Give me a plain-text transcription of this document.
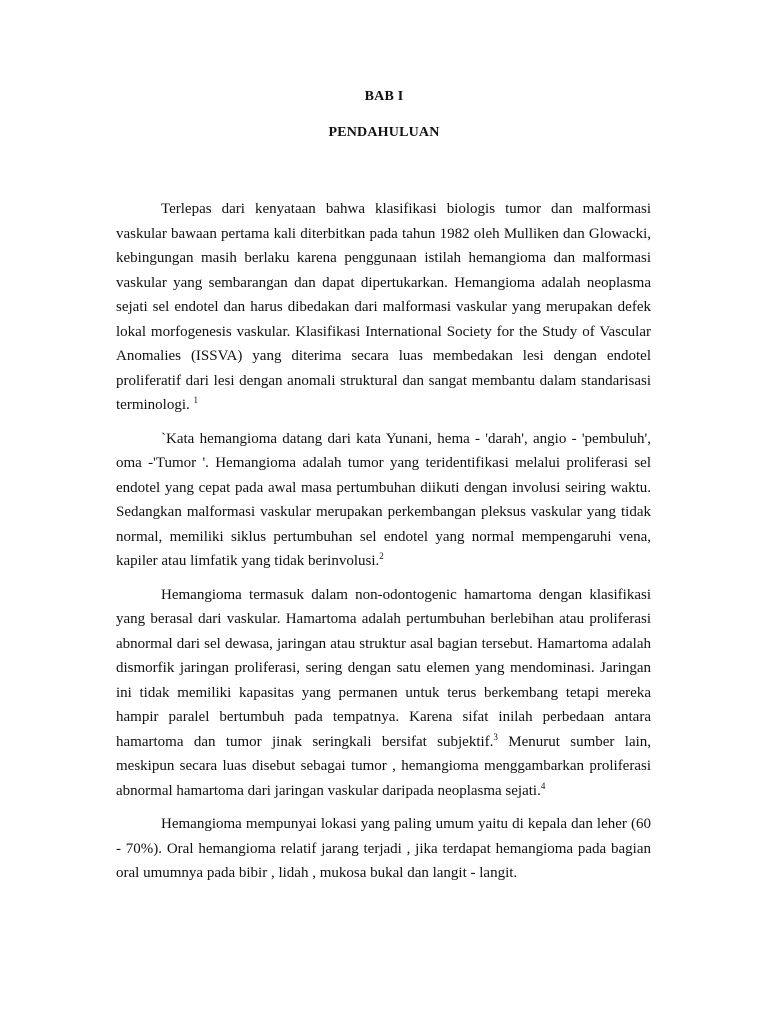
BAB I
PENDAHULUAN

Terlepas dari kenyataan bahwa klasifikasi biologis tumor dan malformasi vaskular bawaan pertama kali diterbitkan pada tahun 1982 oleh Mulliken dan Glowacki, kebingungan masih berlaku karena penggunaan istilah hemangioma dan malformasi vaskular yang sembarangan dan dapat dipertukarkan. Hemangioma adalah neoplasma sejati sel endotel dan harus dibedakan dari malformasi vaskular yang merupakan defek lokal morfogenesis vaskular. Klasifikasi International Society for the Study of Vascular Anomalies (ISSVA) yang diterima secara luas membedakan lesi dengan endotel proliferatif dari lesi dengan anomali struktural dan sangat membantu dalam standarisasi terminologi. $^1$

`Kata hemangioma datang dari kata Yunani, hema - 'darah', angio - 'pembuluh', oma -'Tumor '. Hemangioma adalah tumor yang teridentifikasi melalui proliferasi sel endotel yang cepat pada awal masa pertumbuhan diikuti dengan involusi seiring waktu. Sedangkan malformasi vaskular merupakan perkembangan pleksus vaskular yang tidak normal, memiliki siklus pertumbuhan sel endotel yang normal mempengaruhi vena, kapiler atau limfatik yang tidak berinvolusi.$^2$

Hemangioma termasuk dalam non-odontogenic hamartoma dengan klasifikasi yang berasal dari vaskular. Hamartoma adalah pertumbuhan berlebihan atau proliferasi abnormal dari sel dewasa, jaringan atau struktur asal bagian tersebut. Hamartoma adalah dismorfik jaringan proliferasi, sering dengan satu elemen yang mendominasi. Jaringan ini tidak memiliki kapasitas yang permanen untuk terus berkembang tetapi mereka hampir paralel bertumbuh pada tempatnya. Karena sifat inilah perbedaan antara hamartoma dan tumor jinak seringkali bersifat subjektif.$^3$ Menurut sumber lain, meskipun secara luas disebut sebagai tumor , hemangioma menggambarkan proliferasi abnormal hamartoma dari jaringan vaskular daripada neoplasma sejati.$^4$

Hemangioma mempunyai lokasi yang paling umum yaitu di kepala dan leher (60 - 70%). Oral hemangioma relatif jarang terjadi , jika terdapat hemangioma pada bagian oral umumnya pada bibir , lidah , mukosa bukal dan langit - langit.
